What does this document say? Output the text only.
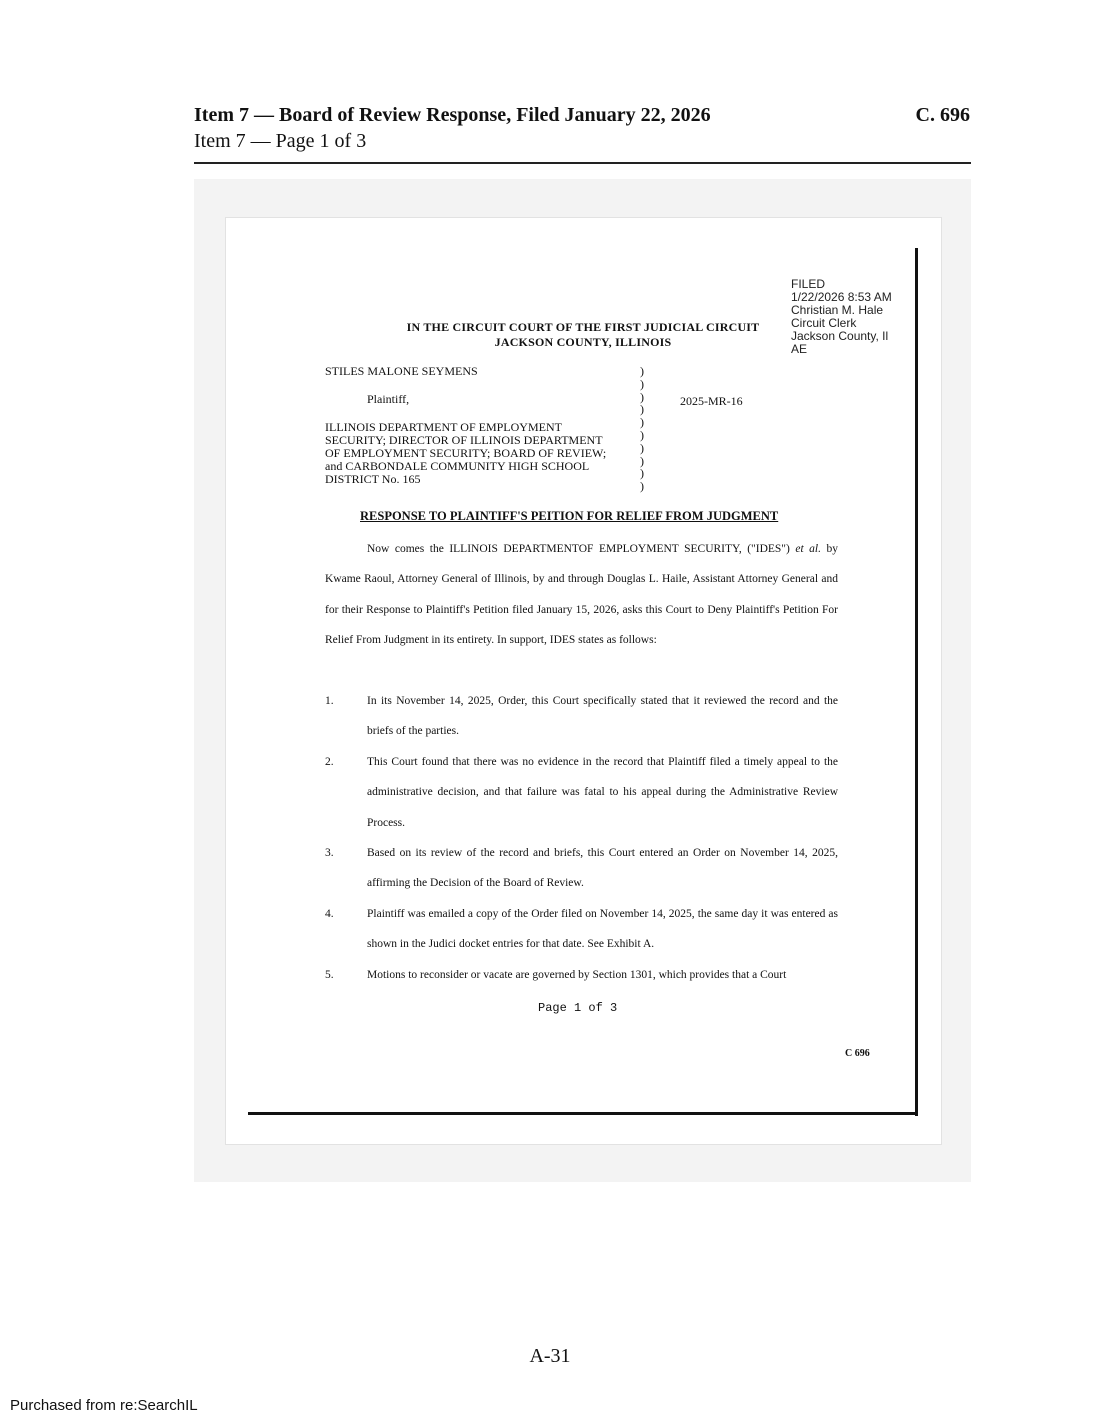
Item 7 — Board of Review Response, Filed January 22, 2026	C. 696
Item 7 — Page 1 of 3
FILED
1/22/2026 8:53 AM
Christian M. Hale
Circuit Clerk
Jackson County, Il
AE
IN THE CIRCUIT COURT OF THE FIRST JUDICIAL CIRCUIT
JACKSON COUNTY, ILLINOIS
STILES MALONE SEYMENS
Plaintiff,
ILLINOIS DEPARTMENT OF EMPLOYMENT
SECURITY; DIRECTOR OF ILLINOIS DEPARTMENT
OF EMPLOYMENT SECURITY; BOARD OF REVIEW;
and CARBONDALE COMMUNITY HIGH SCHOOL
DISTRICT No. 165
)
)
)
)
)
)
)
)
)
)
2025-MR-16
RESPONSE TO PLAINTIFF'S PEITION FOR RELIEF FROM JUDGMENT
Now comes the ILLINOIS DEPARTMENTOF EMPLOYMENT SECURITY, ("IDES") et al. by Kwame Raoul, Attorney General of Illinois, by and through Douglas L. Haile, Assistant Attorney General and for their Response to Plaintiff's Petition filed January 15, 2026, asks this Court to Deny Plaintiff's Petition For Relief From Judgment in its entirety. In support, IDES states as follows:
1.	In its November 14, 2025, Order, this Court specifically stated that it reviewed the record and the briefs of the parties.
2.	This Court found that there was no evidence in the record that Plaintiff filed a timely appeal to the administrative decision, and that failure was fatal to his appeal during the Administrative Review Process.
3.	Based on its review of the record and briefs, this Court entered an Order on November 14, 2025, affirming the Decision of the Board of Review.
4.	Plaintiff was emailed a copy of the Order filed on November 14, 2025, the same day it was entered as shown in the Judici docket entries for that date. See Exhibit A.
5.	Motions to reconsider or vacate are governed by Section 1301, which provides that a Court
Page 1 of 3
C 696
A-31
Purchased from re:SearchIL
